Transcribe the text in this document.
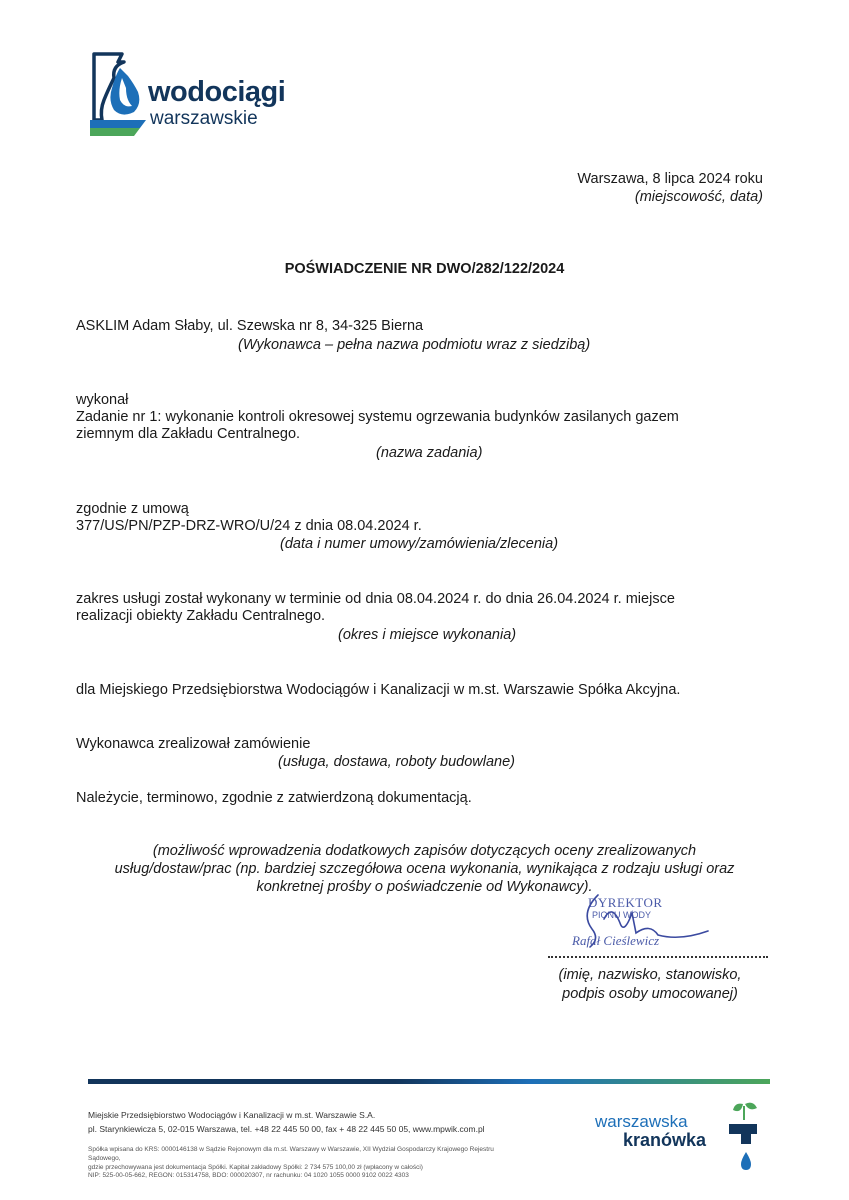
wodociągi
warszawskie
Warszawa, 8 lipca 2024 roku
(miejscowość, data)
POŚWIADCZENIE NR DWO/282/122/2024
ASKLIM Adam Słaby, ul. Szewska nr 8, 34-325 Bierna
(Wykonawca – pełna nazwa podmiotu wraz z siedzibą)
wykonał
Zadanie nr 1: wykonanie kontroli okresowej systemu ogrzewania budynków zasilanych gazem
ziemnym dla Zakładu Centralnego.
(nazwa zadania)
zgodnie z umową
377/US/PN/PZP-DRZ-WRO/U/24 z dnia 08.04.2024 r.
(data i numer umowy/zamówienia/zlecenia)
zakres usługi został wykonany w terminie od dnia 08.04.2024 r. do dnia 26.04.2024 r. miejsce
realizacji obiekty Zakładu Centralnego.
(okres i miejsce wykonania)
dla Miejskiego Przedsiębiorstwa Wodociągów i Kanalizacji w m.st. Warszawie Spółka Akcyjna.
Wykonawca zrealizował zamówienie
(usługa, dostawa, roboty budowlane)
Należycie, terminowo, zgodnie z zatwierdzoną dokumentacją.
(możliwość wprowadzenia dodatkowych zapisów dotyczących oceny zrealizowanych
usług/dostaw/prac (np. bardziej szczegółowa ocena wykonania, wynikająca z rodzaju usługi oraz
konkretnej prośby o poświadczenie od Wykonawcy).
DYREKTOR
PIONU WODY
Rafał Cieślewicz
(imię, nazwisko, stanowisko,
podpis osoby umocowanej)
Miejskie Przedsiębiorstwo Wodociągów i Kanalizacji w m.st. Warszawie S.A.
pl. Starynkiewicza 5, 02-015 Warszawa, tel. +48 22 445 50 00, fax + 48 22 445 50 05, www.mpwik.com.pl
Spółka wpisana do KRS: 0000146138 w Sądzie Rejonowym dla m.st. Warszawy w Warszawie, XII Wydział Gospodarczy Krajowego Rejestru Sądowego,
gdzie przechowywana jest dokumentacja Spółki. Kapitał zakładowy Spółki: 2 734 575 100,00 zł (wpłacony w całości)
NIP: 525-00-05-662, REGON: 015314758, BDO: 000020307, nr rachunku: 04 1020 1055 0000 9102 0022 4303
warszawska
kranówka
